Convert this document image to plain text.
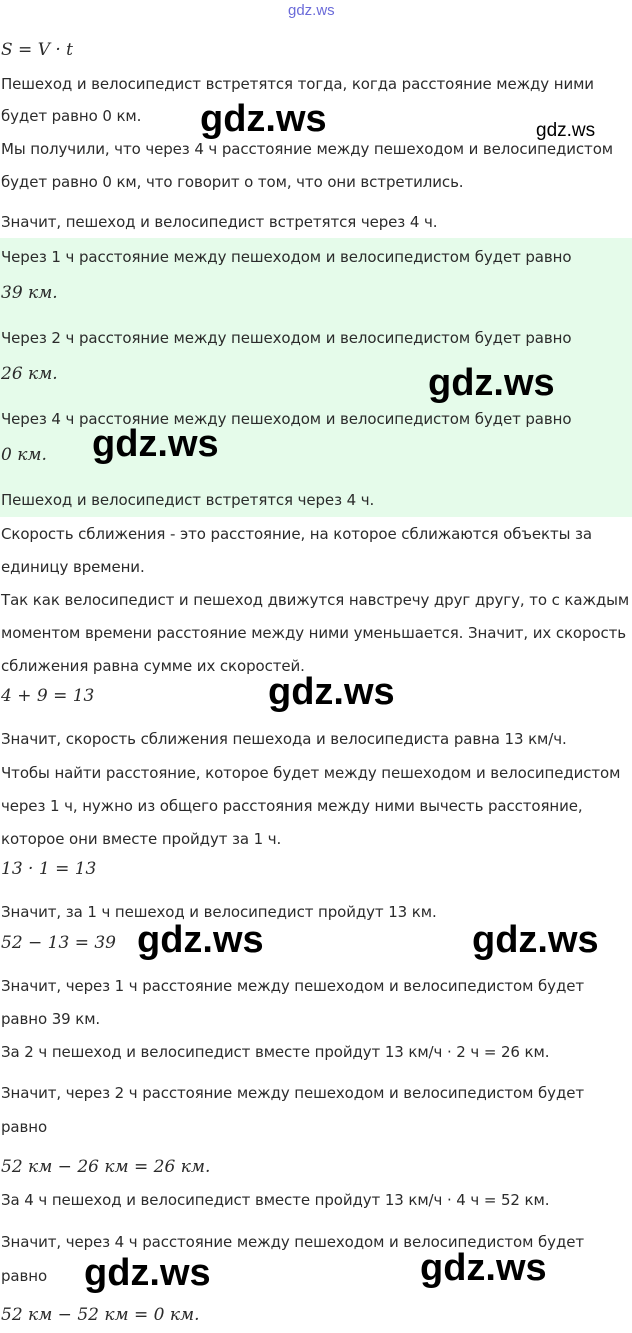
gdz.ws
S = V · t
Пешеход и велосипедист встретятся тогда, когда расстояние между ними
будет равно 0 км.
Мы получили, что через 4 ч расстояние между пешеходом и велосипедистом
будет равно 0 км, что говорит о том, что они встретились.
Значит, пешеход и велосипедист встретятся через 4 ч.
Через 1 ч расстояние между пешеходом и велосипедистом будет равно
39 км.
Через 2 ч расстояние между пешеходом и велосипедистом будет равно
26 км.
Через 4 ч расстояние между пешеходом и велосипедистом будет равно
0 км.
Пешеход и велосипедист встретятся через 4 ч.
Скорость сближения - это расстояние, на которое сближаются объекты за
единицу времени.
Так как велосипедист и пешеход движутся навстречу друг другу, то с каждым
моментом времени расстояние между ними уменьшается. Значит, их скорость
сближения равна сумме их скоростей.
4 + 9 = 13
Значит, скорость сближения пешехода и велосипедиста равна 13 км/ч.
Чтобы найти расстояние, которое будет между пешеходом и велосипедистом
через 1 ч, нужно из общего расстояния между ними вычесть расстояние,
которое они вместе пройдут за 1 ч.
13 · 1 = 13
Значит, за 1 ч пешеход и велосипедист пройдут 13 км.
52 − 13 = 39
Значит, через 1 ч расстояние между пешеходом и велосипедистом будет
равно 39 км.
За 2 ч пешеход и велосипедист вместе пройдут 13 км/ч · 2 ч = 26 км.
Значит, через 2 ч расстояние между пешеходом и велосипедистом будет
равно
52 км − 26 км = 26 км.
За 4 ч пешеход и велосипедист вместе пройдут 13 км/ч · 4 ч = 52 км.
Значит, через 4 ч расстояние между пешеходом и велосипедистом будет
равно
52 км − 52 км = 0 км.
gdz.ws	gdz.ws
gdz.ws
gdz.ws
gdz.ws
gdz.ws	gdz.ws
gdz.ws	gdz.ws
